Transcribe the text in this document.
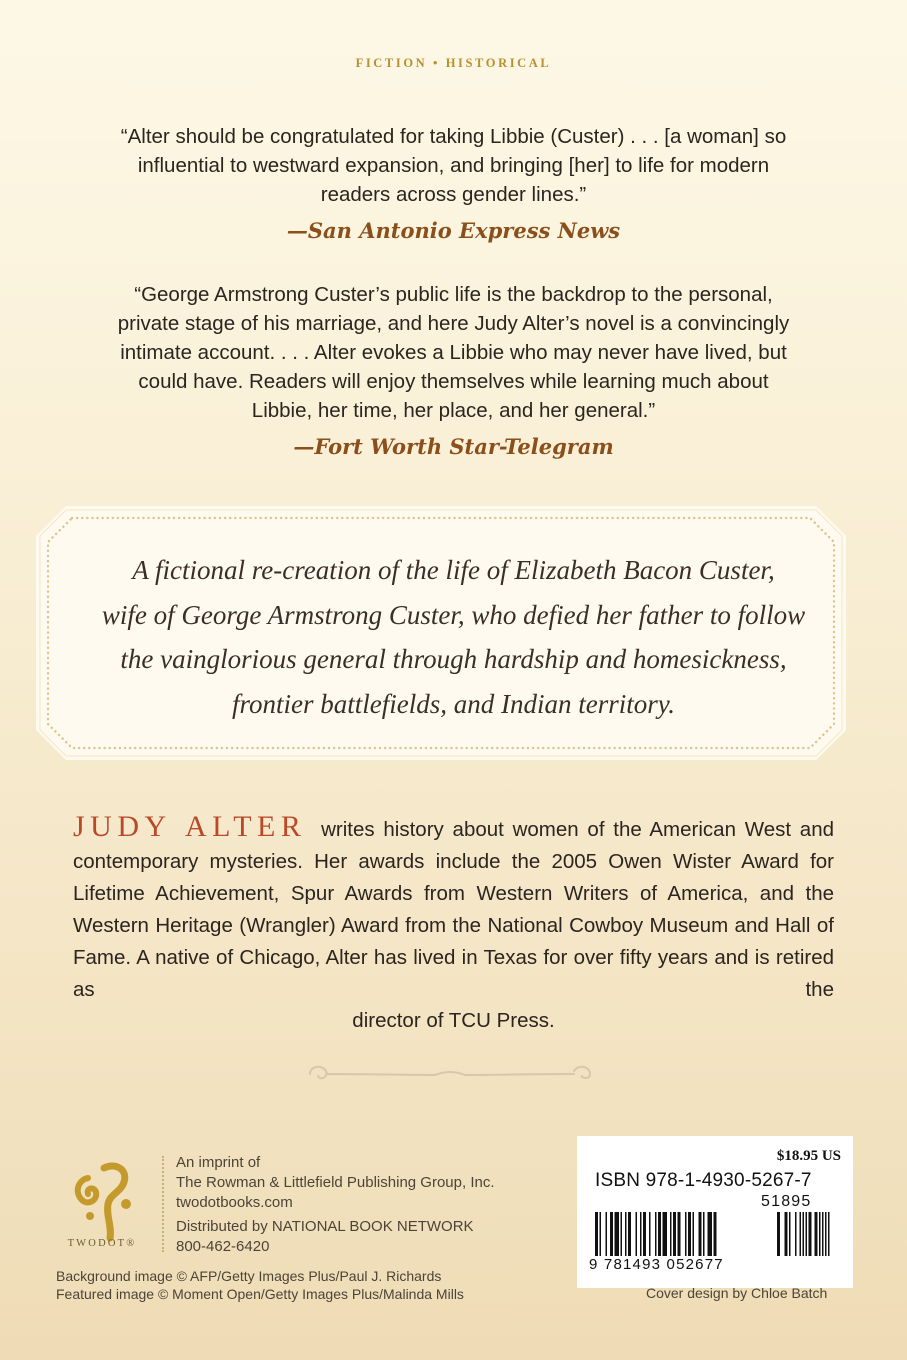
FICTION • HISTORICAL
“Alter should be congratulated for taking Libbie (Custer) . . . [a woman] so
influential to westward expansion, and bringing [her] to life for modern
readers across gender lines.”
—San Antonio Express News
“George Armstrong Custer’s public life is the backdrop to the personal,
private stage of his marriage, and here Judy Alter’s novel is a convincingly
intimate account. . . . Alter evokes a Libbie who may never have lived, but
could have. Readers will enjoy themselves while learning much about
Libbie, her time, her place, and her general.”
—Fort Worth Star-Telegram
A fictional re-creation of the life of Elizabeth Bacon Custer,
wife of George Armstrong Custer, who defied her father to follow
the vainglorious general through hardship and homesickness,
frontier battlefields, and Indian territory.
JUDY ALTER writes history about women of the American West and contemporary mysteries. Her awards include the 2005 Owen Wister Award for Lifetime Achievement, Spur Awards from Western Writers of America, and the Western Heritage (Wrangler) Award from the National Cowboy Museum and Hall of Fame. A native of Chicago, Alter has lived in Texas for over fifty years and is retired as the
director of TCU Press.
TWODOT®
An imprint of
The Rowman & Littlefield Publishing Group, Inc.
twodotbooks.com
Distributed by NATIONAL BOOK NETWORK
800-462-6420
Background image © AFP/Getty Images Plus/Paul J. Richards
Featured image © Moment Open/Getty Images Plus/Malinda Mills
$18.95 US
ISBN 978-1-4930-5267-7
51895
9 781493 052677
Cover design by Chloe Batch
